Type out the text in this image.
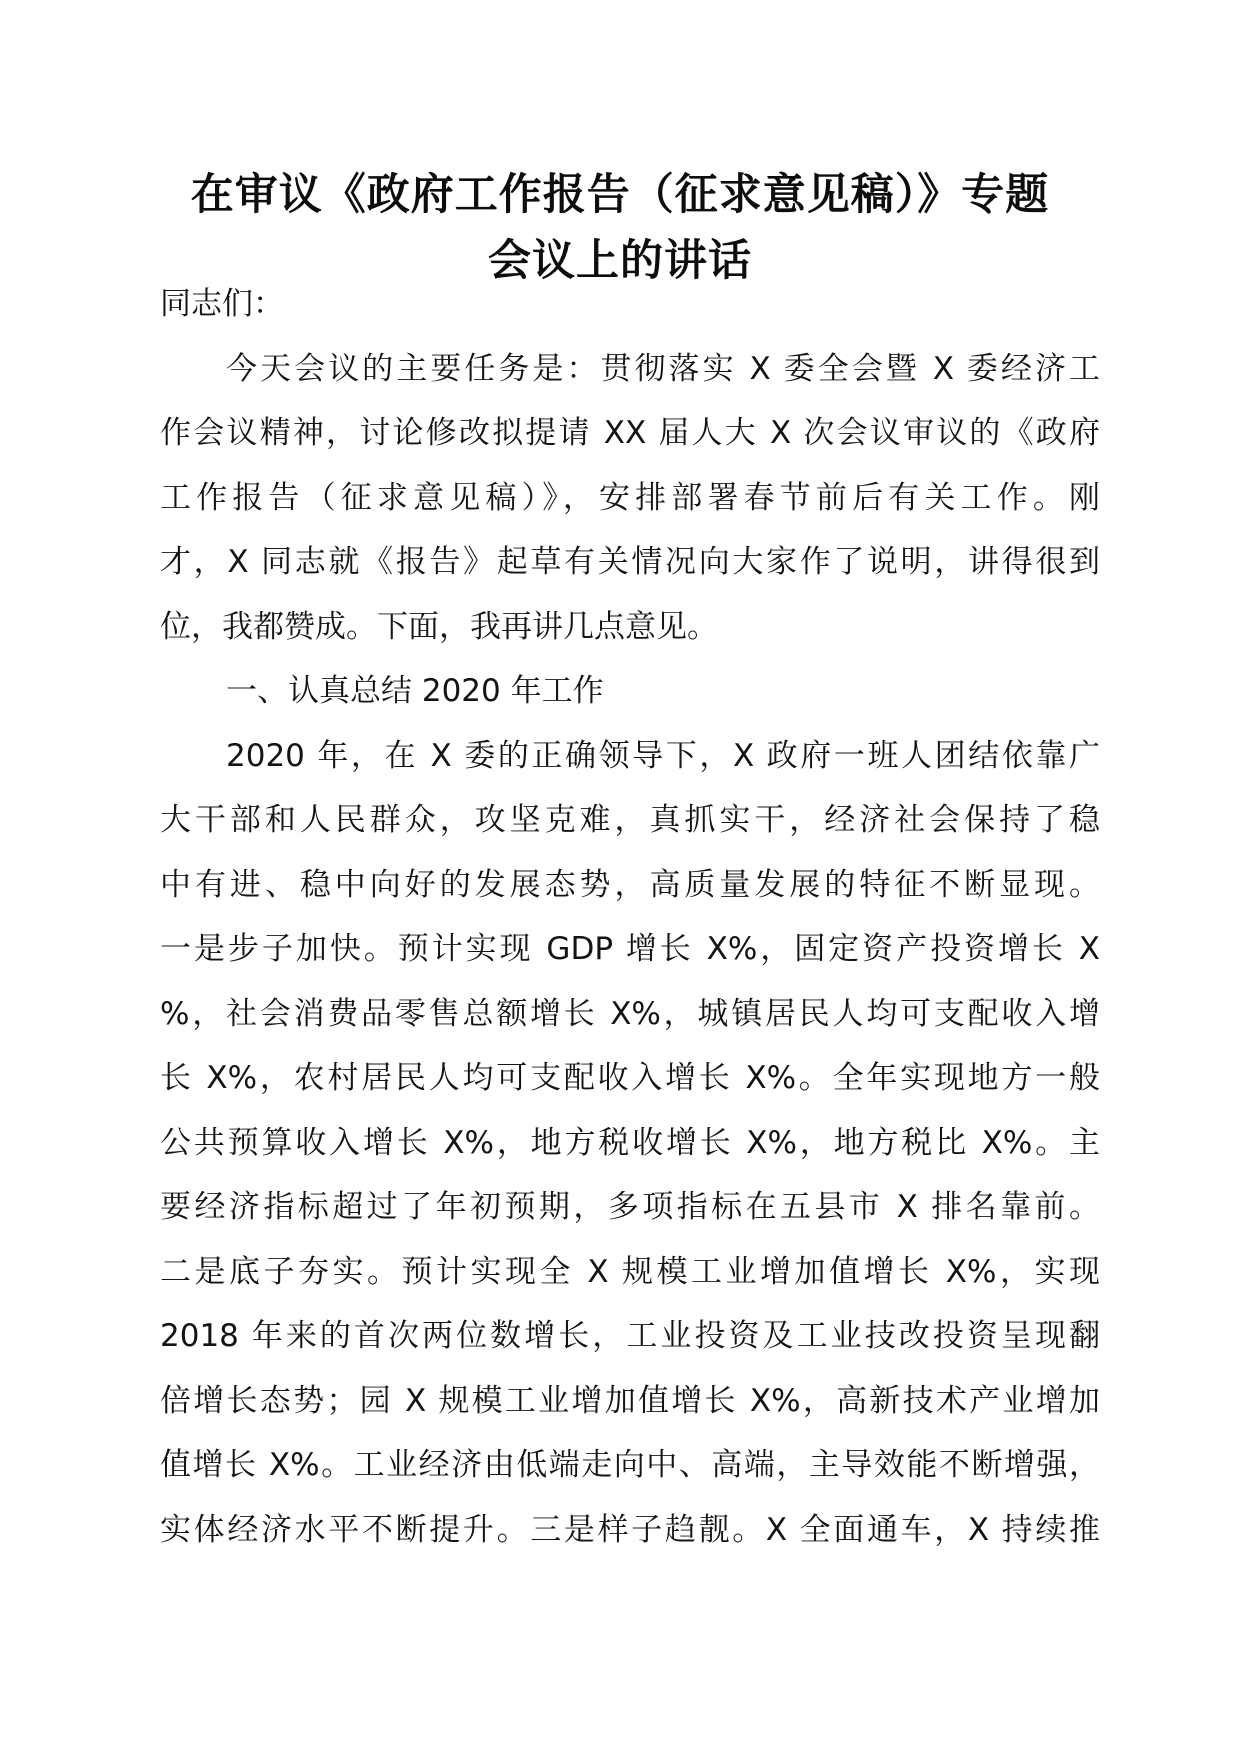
在审议《政府工作报告（征求意见稿）》专题
会议上的讲话
同志们：
今天会议的主要任务是：贯彻落实 X 委全会暨 X 委经济工
作会议精神，讨论修改拟提请 XX 届人大 X 次会议审议的《政府
工作报告（征求意见稿）》，安排部署春节前后有关工作。刚
才，X 同志就《报告》起草有关情况向大家作了说明，讲得很到
位，我都赞成。下面，我再讲几点意见。
一、认真总结 2020 年工作
2020 年，在 X 委的正确领导下，X 政府一班人团结依靠广
大干部和人民群众，攻坚克难，真抓实干，经济社会保持了稳
中有进、稳中向好的发展态势，高质量发展的特征不断显现。
一是步子加快。预计实现 GDP 增长 X%，固定资产投资增长 X
%，社会消费品零售总额增长 X%，城镇居民人均可支配收入增
长 X%，农村居民人均可支配收入增长 X%。全年实现地方一般
公共预算收入增长 X%，地方税收增长 X%，地方税比 X%。主
要经济指标超过了年初预期，多项指标在五县市 X 排名靠前。
二是底子夯实。预计实现全 X 规模工业增加值增长 X%，实现
2018 年来的首次两位数增长，工业投资及工业技改投资呈现翻
倍增长态势；园 X 规模工业增加值增长 X%，高新技术产业增加
值增长 X%。工业经济由低端走向中、高端，主导效能不断增强，
实体经济水平不断提升。三是样子趋靓。X 全面通车，X 持续推
